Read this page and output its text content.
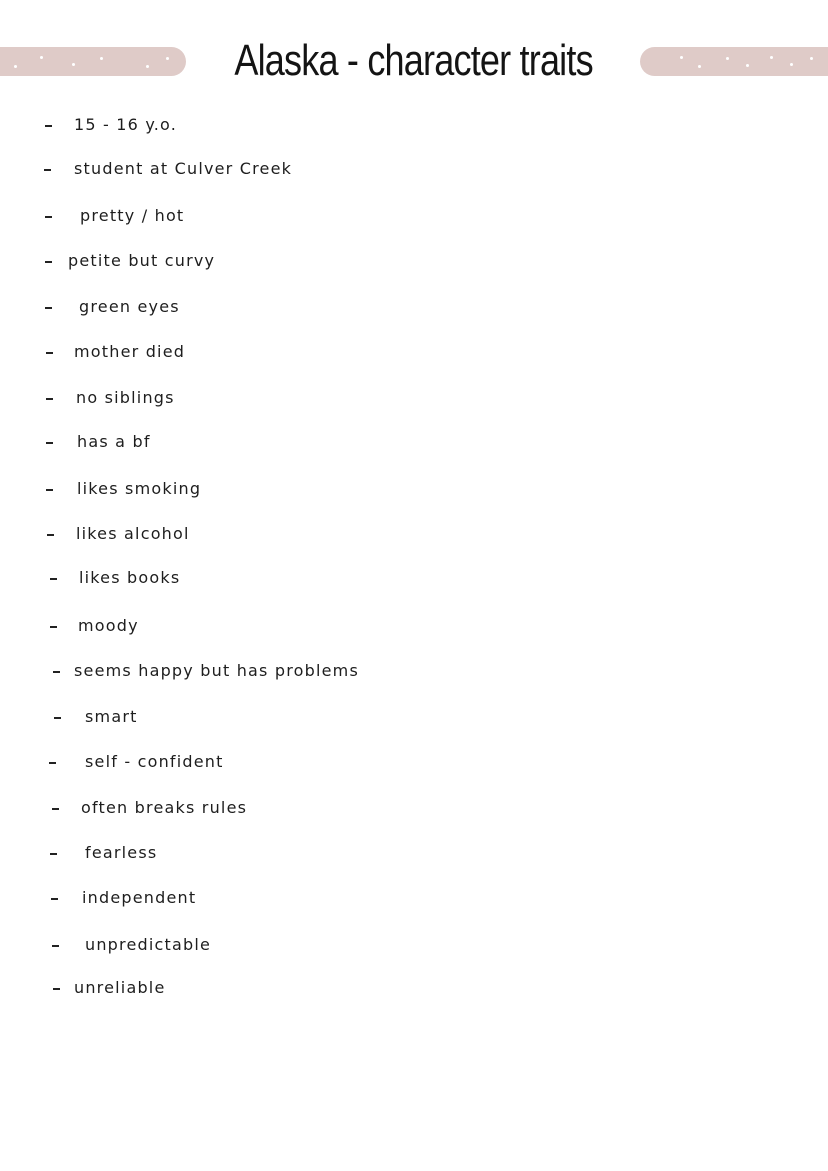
Alaska - character traits
15 - 16 y.o.
student at Culver Creek
pretty / hot
petite but curvy
green eyes
mother died
no siblings
has a bf
likes smoking
likes alcohol
likes books
moody
seems happy but has problems
smart
self - confident
often breaks rules
fearless
independent
unpredictable
unreliable
